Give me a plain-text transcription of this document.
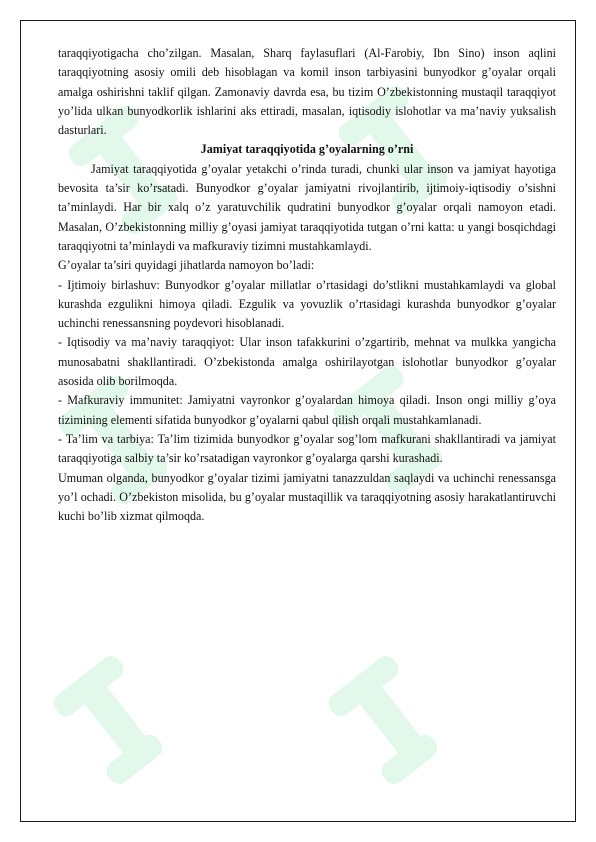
taraqqiyotigacha cho’zilgan. Masalan, Sharq faylasuflari (Al-Farobiy, Ibn Sino) inson aqlini taraqqiyotning asosiy omili deb hisoblagan va komil inson tarbiyasini bunyodkor g’oyalar orqali amalga oshirishni taklif qilgan. Zamonaviy davrda esa, bu tizim O’zbekistonning mustaqil taraqqiyot yo’lida ulkan bunyodkorlik ishlarini aks ettiradi, masalan, iqtisodiy islohotlar va ma’naviy yuksalish dasturlari.

Jamiyat taraqqiyotida g’oyalarning o’rni

Jamiyat taraqqiyotida g’oyalar yetakchi o’rinda turadi, chunki ular inson va jamiyat hayotiga bevosita ta’sir ko’rsatadi. Bunyodkor g’oyalar jamiyatni rivojlantirib, ijtimoiy-iqtisodiy o’sishni ta’minlaydi. Har bir xalq o’z yaratuvchilik qudratini bunyodkor g’oyalar orqali namoyon etadi. Masalan, O’zbekistonning milliy g’oyasi jamiyat taraqqiyotida tutgan o’rni katta: u yangi bosqichdagi taraqqiyotni ta’minlaydi va mafkuraviy tizimni mustahkamlaydi.

G’oyalar ta’siri quyidagi jihatlarda namoyon bo’ladi:

- Ijtimoiy birlashuv: Bunyodkor g’oyalar millatlar o’rtasidagi do’stlikni mustahkamlaydi va global kurashda ezgulikni himoya qiladi. Ezgulik va yovuzlik o’rtasidagi kurashda bunyodkor g’oyalar uchinchi renessansning poydevori hisoblanadi.

- Iqtisodiy va ma’naviy taraqqiyot: Ular inson tafakkurini o’zgartirib, mehnat va mulkka yangicha munosabatni shakllantiradi. O’zbekistonda amalga oshirilayotgan islohotlar bunyodkor g’oyalar asosida olib borilmoqda.

- Mafkuraviy immunitet: Jamiyatni vayronkor g’oyalardan himoya qiladi. Inson ongi milliy g’oya tizimining elementi sifatida bunyodkor g’oyalarni qabul qilish orqali mustahkamlanadi.

- Ta’lim va tarbiya: Ta’lim tizimida bunyodkor g’oyalar sog’lom mafkurani shakllantiradi va jamiyat taraqqiyotiga salbiy ta’sir ko’rsatadigan vayronkor g’oyalarga qarshi kurashadi.

Umuman olganda, bunyodkor g’oyalar tizimi jamiyatni tanazzuldan saqlaydi va uchinchi renessansga yo’l ochadi. O’zbekiston misolida, bu g’oyalar mustaqillik va taraqqiyotning asosiy harakatlantiruvchi kuchi bo’lib xizmat qilmoqda.
